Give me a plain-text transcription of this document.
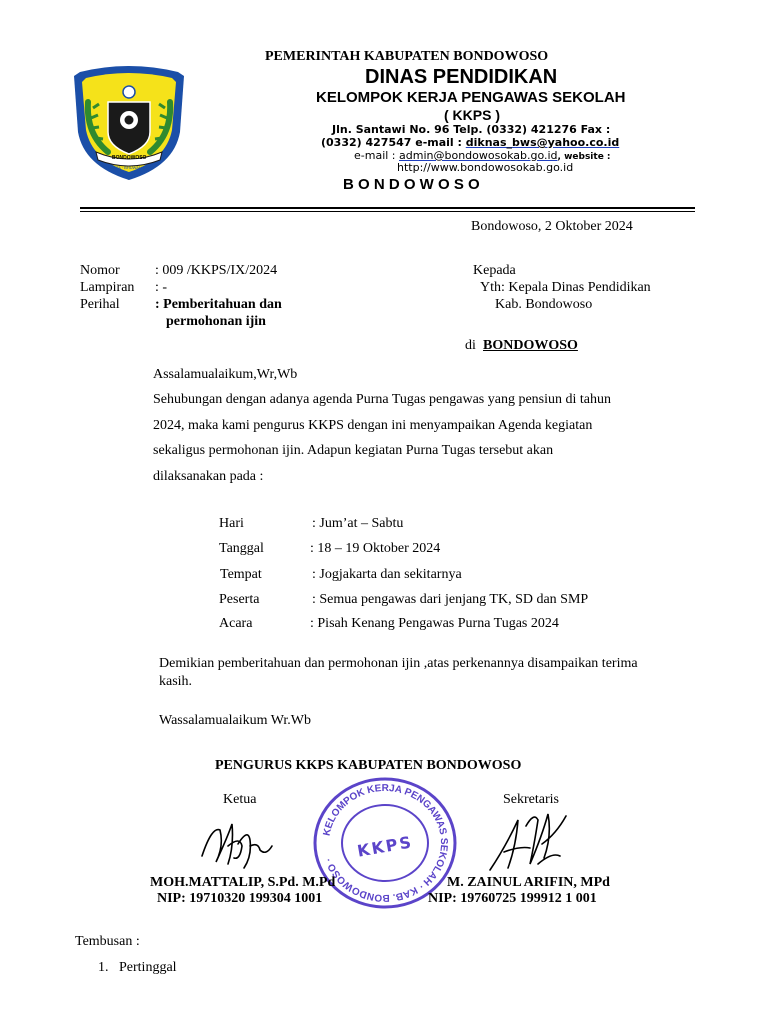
BONDOWOSO
SAKTA · BHUWANA
PEMERINTAH KABUPATEN BONDOWOSO
DINAS PENDIDIKAN
KELOMPOK KERJA PENGAWAS SEKOLAH
( KKPS )
Jln. Santawi No. 96 Telp. (0332) 421276 Fax :
(0332) 427547 e-mail : diknas_bws@yahoo.co.id
e-mail : admin@bondowosokab.go.id, website :
http://www.bondowosokab.go.id
B O N D O W O S O
Bondowoso, 2 Oktober 2024
Nomor	: 009 /KKPS/IX/2024
Lampiran : -
Perihal	: Pemberitahuan dan
permohonan ijin
Kepada
Yth: Kepala Dinas Pendidikan
Kab. Bondowoso
di BONDOWOSO
Assalamualaikum,Wr,Wb
Sehubungan dengan adanya agenda Purna Tugas pengawas yang pensiun di tahun
2024, maka kami pengurus KKPS dengan ini menyampaikan Agenda kegiatan
sekaligus permohonan ijin. Adapun kegiatan Purna Tugas tersebut akan
dilaksanakan pada :
Hari	: Jum’at – Sabtu
Tanggal	: 18 – 19 Oktober 2024
Tempat	: Jogjakarta dan sekitarnya
Peserta	: Semua pengawas dari jenjang TK, SD dan SMP
Acara	: Pisah Kenang Pengawas Purna Tugas 2024
Demikian pemberitahuan dan permohonan ijin ,atas perkenannya disampaikan terima
kasih.
Wassalamualaikum Wr.Wb
PENGURUS KKPS KABUPATEN BONDOWOSO
Ketua	Sekretaris
KELOMPOK KERJA PENGAWAS SEKOLAH · KAB. BONDOWOSO ·	KKPS
MOH.MATTALIP, S.Pd. M.Pd
NIP: 19710320 199304 1001
M. ZAINUL ARIFIN, MPd
NIP: 19760725 199912 1 001
Tembusan :
1. Pertinggal
